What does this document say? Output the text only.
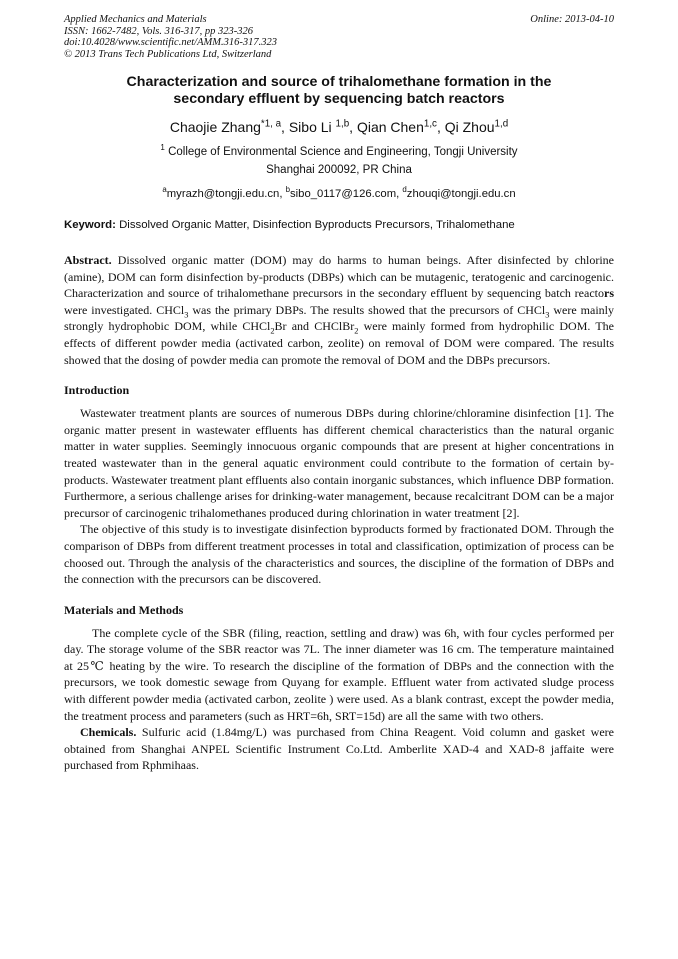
Applied Mechanics and Materials
ISSN: 1662-7482, Vols. 316-317, pp 323-326
doi:10.4028/www.scientific.net/AMM.316-317.323
© 2013 Trans Tech Publications Ltd, Switzerland
Online: 2013-04-10
Characterization and source of trihalomethane formation in the
secondary effluent by sequencing batch reactors
Chaojie Zhang$^{*1, a}$, Sibo Li $^{1,b}$, Qian Chen$^{1,c}$, Qi Zhou$^{1,d}$
$^1$ College of Environmental Science and Engineering, Tongji University
Shanghai 200092, PR China
$^a$myrazh@tongji.edu.cn, $^b$sibo_0117@126.com, $^d$zhouqi@tongji.edu.cn
Keyword: Dissolved Organic Matter, Disinfection Byproducts Precursors, Trihalomethane

Abstract. Dissolved organic matter (DOM) may do harms to human beings. After disinfected by chlorine (amine), DOM can form disinfection by-products (DBPs) which can be mutagenic, teratogenic and carcinogenic. Characterization and source of trihalomethane precursors in the secondary effluent by sequencing batch reactors were investigated. CHCl$_3$ was the primary DBPs. The results showed that the precursors of CHCl$_3$ were mainly strongly hydrophobic DOM, while CHCl$_2$Br and CHClBr$_2$ were mainly formed from hydrophilic DOM. The effects of different powder media (activated carbon, zeolite) on removal of DOM were compared. The results showed that the dosing of powder media can promote the removal of DOM and the DBPs precursors.

Introduction

Wastewater treatment plants are sources of numerous DBPs during chlorine/chloramine disinfection [1]. The organic matter present in wastewater effluents has different chemical characteristics than the natural organic matter in water supplies. Seemingly innocuous organic compounds that are present at higher concentrations in treated wastewater than in the general aquatic environment could contribute to the formation of certain by-products. Wastewater treatment plant effluents also contain inorganic substances, which influence DBP formation. Furthermore, a serious challenge arises for drinking-water management, because recalcitrant DOM can be a major precursor of carcinogenic trihalomethanes produced during chlorination in water treatment [2].

The objective of this study is to investigate disinfection byproducts formed by fractionated DOM. Through the comparison of DBPs from different treatment processes in total and classification, optimization of process can be choosed out. Through the analysis of the characteristics and sources, the discipline of the formation of DBPs and the connection with the precursors can be discovered.

Materials and Methods

The complete cycle of the SBR (filing, reaction, settling and draw) was 6h, with four cycles performed per day. The storage volume of the SBR reactor was 7L. The inner diameter was 16 cm. The temperature maintained at 25℃ heating by the wire. To research the discipline of the formation of DBPs and the connection with the precursors, we took domestic sewage from Quyang for example. Effluent water from activated sludge process with different powder media (activated carbon, zeolite ) were used. As a blank contrast, except the powder media, the treatment process and parameters (such as HRT=6h, SRT=15d) are all the same with two others.

Chemicals. Sulfuric acid (1.84mg/L) was purchased from China Reagent. Void column and gasket were obtained from Shanghai ANPEL Scientific Instrument Co.Ltd. Amberlite XAD-4 and XAD-8 jaffaite were purchased from Rphmihaas.
